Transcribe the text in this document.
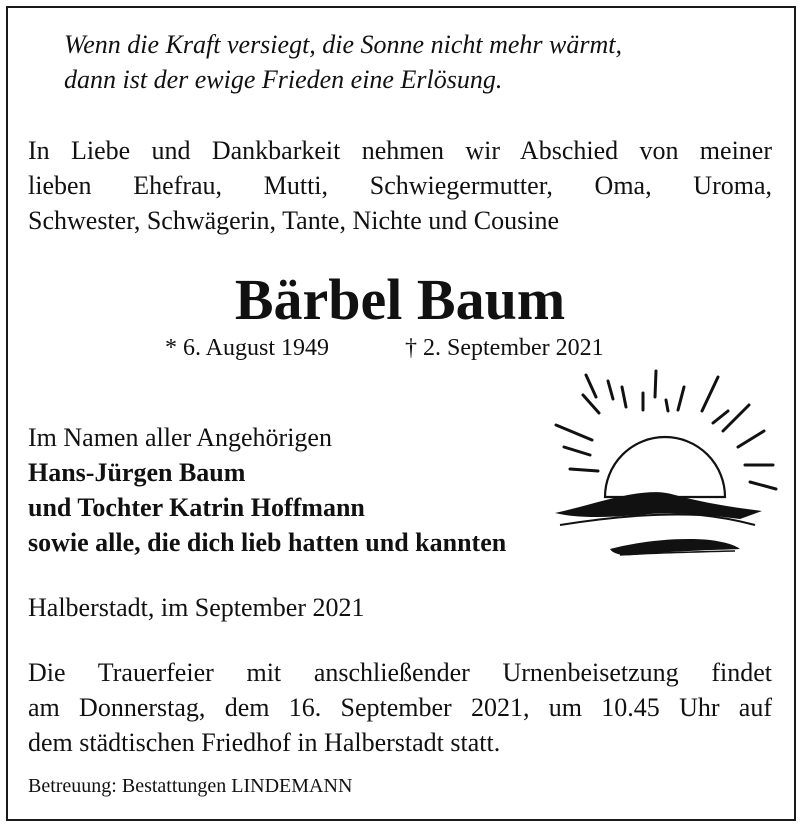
Wenn die Kraft versiegt, die Sonne nicht mehr wärmt,
dann ist der ewige Frieden eine Erlösung.
In Liebe und Dankbarkeit nehmen wir Abschied von meiner
lieben Ehefrau, Mutti, Schwiegermutter, Oma, Uroma,
Schwester, Schwägerin, Tante, Nichte und Cousine
Bärbel Baum
* 6. August 1949	† 2. September 2021
Im Namen aller Angehörigen
Hans-Jürgen Baum
und Tochter Katrin Hoffmann
sowie alle, die dich lieb hatten und kannten
Halberstadt, im September 2021
Die Trauerfeier mit anschließender Urnenbeisetzung findet
am Donnerstag, dem 16. September 2021, um 10.45 Uhr auf
dem städtischen Friedhof in Halberstadt statt.
Betreuung: Bestattungen LINDEMANN
